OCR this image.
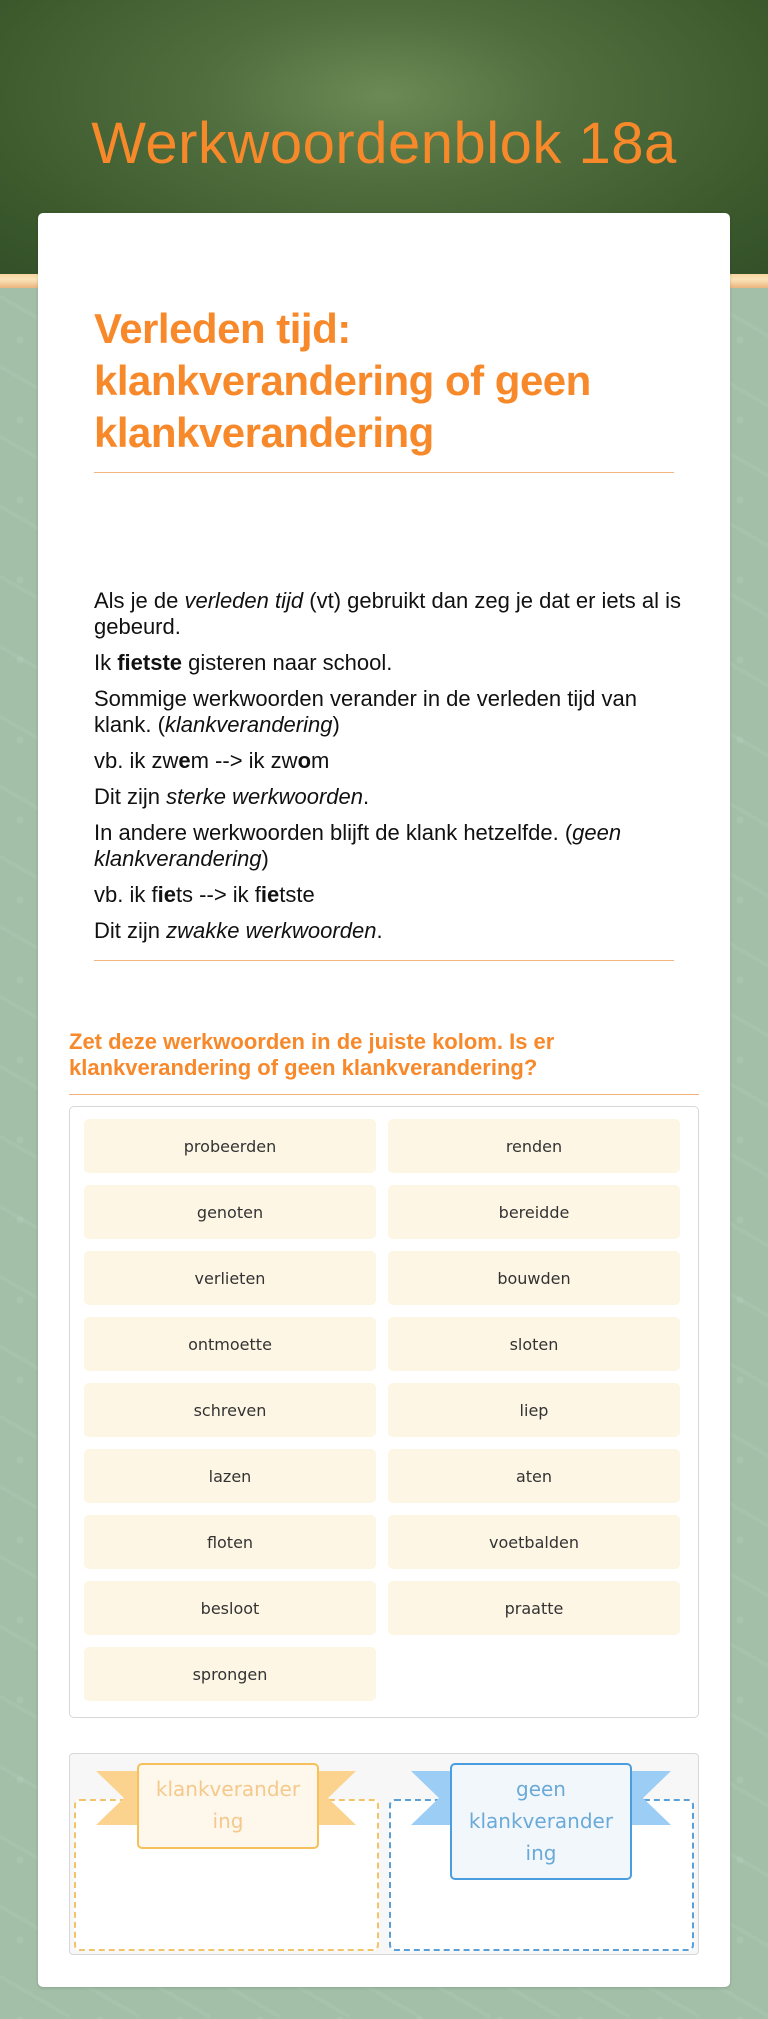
Werkwoordenblok 18a
Verleden tijd:
klankverandering of geen
klankverandering

Als je de verleden tijd (vt) gebruikt dan zeg je dat er iets al is gebeurd.

Ik fietste gisteren naar school.

Sommige werkwoorden verander in de verleden tijd van klank. (klankverandering)

vb. ik zwem --> ik zwom

Dit zijn sterke werkwoorden.

In andere werkwoorden blijft de klank hetzelfde. (geen klankverandering)

vb. ik fiets --> ik fietste

Dit zijn zwakke werkwoorden.

Zet deze werkwoorden in de juiste kolom. Is er klankverandering of geen klankverandering?
probeerden	renden
genoten	bereidde
verlieten	bouwden
ontmoette	sloten
schreven	liep
lazen	aten
floten	voetbalden
besloot	praatte
sprongen
klankverander
ing
geen
klankverander
ing
